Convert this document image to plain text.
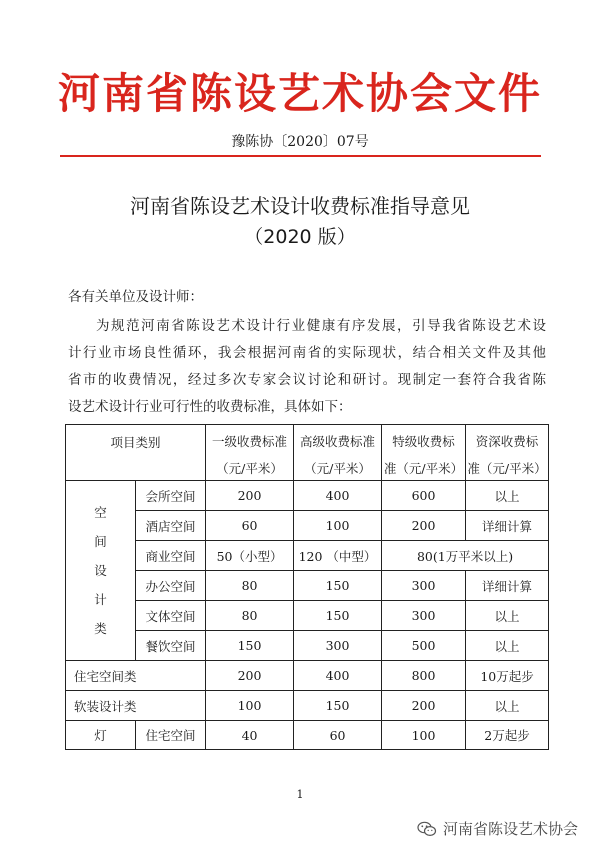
河南省陈设艺术协会文件
豫陈协〔2020〕07号
河南省陈设艺术设计收费标准指导意见
（2020 版）
各有关单位及设计师：
为规范河南省陈设艺术设计行业健康有序发展，引导我省陈设艺术设
计行业市场良性循环，我会根据河南省的实际现状，结合相关文件及其他
省市的收费情况，经过多次专家会议讨论和研讨。现制定一套符合我省陈
设艺术设计行业可行性的收费标准，具体如下：
项目类别		一级收费标准	高级收费标准	特级收费标	资深收费标
		（元/平米）	（元/平米）	准（元/平米）	准（元/平米）

空
间
设
计
类	会所空间	200	400	600	以上
	酒店空间	60	100	200	详细计算
	商业空间	50（小型）	120 （中型）	80(1万平米以上)	
	办公空间	80	150	300	详细计算
	文体空间	80	150	300	以上
	餐饮空间	150	300	500	以上
住宅空间类		200	400	800	10万起步
软装设计类		100	150	200	以上
灯	住宅空间	40	60	100	2万起步
1
河南省陈设艺术协会
